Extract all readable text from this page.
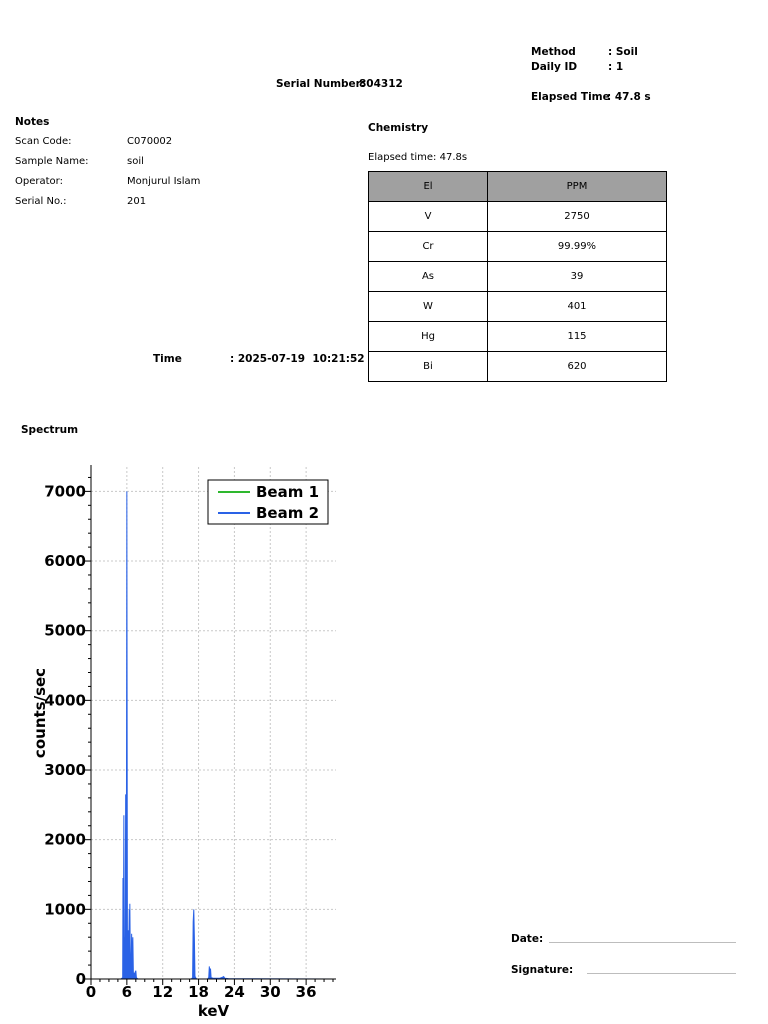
Method	: Soil
Daily ID	: 1
Serial Number:
804312
Elapsed Time
: 47.8 s
Notes
Scan Code:	C070002
Sample Name:	soil
Operator:	Monjurul Islam
Serial No.:	201
Chemistry
Elapsed time: 47.8s
El	PPM
V	2750
Cr	99.99%
As	39
W	401
Hg	115
Bi	620
Time	: 2025-07-19  10:21:52
Spectrum
0
1000
2000
3000
4000
5000
6000
7000
0 6 12 18 24 30 36
keV
counts/sec
Beam 1
Beam 2
Date:
Signature:
